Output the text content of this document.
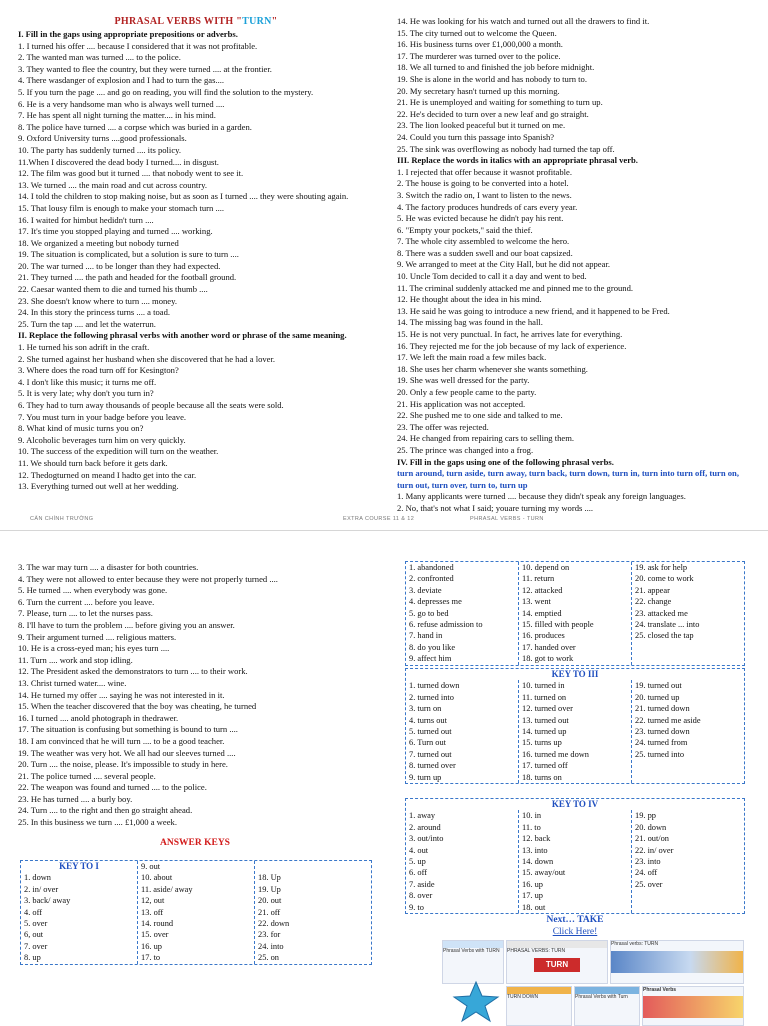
PHRASAL VERBS WITH "TURN"
I. Fill in the gaps using appropriate prepositions or adverbs.
1. I turned his offer .... because I considered that it was not profitable.
2. The wanted man was turned .... to the police.
3. They wanted to flee the country, but they were turned .... at the frontier.
4. There wasdanger of explosion and I had to turn the gas....
5. If you turn the page .... and go on reading, you will find the solution to the mystery.
6. He is a very handsome man who is always well turned ....
7. He has spent all night turning the matter.... in his mind.
8. The police have turned .... a corpse which was buried in a garden.
9. Oxford University turns ....good professionals.
10. The party has suddenly turned .... its policy.
11.When I discovered the dead body I turned.... in disgust.
12. The film was good but it turned .... that nobody went to see it.
13. We turned .... the main road and cut across country.
14. I told the children to stop making noise, but as soon as I turned .... they were shouting again.
15. That lousy film is enough to make your stomach turn ....
16. I waited for himbut hedidn't turn ....
17. It's time you stopped playing and turned .... working.
18. We organized a meeting but nobody turned
19. The situation is complicated, but a solution is sure to turn ....
20. The war turned .... to be longer than they had expected.
21. They turned .... the path and headed for the football ground.
22. Caesar wanted them to die and turned his thumb ....
23. She doesn't know where to turn .... money.
24. In this story the princess turns .... a toad.
25. Turn the tap .... and let the waterrun.
II. Replace the following phrasal verbs with another word or phrase of the same meaning.
1. He turned his son adrift in the craft.
2. She turned against her husband when she discovered that he had a lover.
3. Where does the road turn off for Kesington?
4. I don't like this music; it turns me off.
5. It is very late; why don't you turn in?
6. They had to turn away thousands of people because all the seats were sold.
7. You must turn in your badge before you leave.
8. What kind of music turns you on?
9. Alcoholic beverages turn him on very quickly.
10. The success of the expedition will turn on the weather.
11. We should turn back before it gets dark.
12. Thedogturned on meand I hadto get into the car.
13. Everything turned out well at her wedding.
14. He was looking for his watch and turned out all the drawers to find it.
15. The city turned out to welcome the Queen.
16. His business turns over £1,000,000 a month.
17. The murderer was turned over to the police.
18. We all turned to and finished the job before midnight.
19. She is alone in the world and has nobody to turn to.
20. My secretary hasn't turned up this morning.
21. He is unemployed and waiting for something to turn up.
22. He's decided to turn over a new leaf and go straight.
23. The lion looked peaceful but it turned on me.
24. Could you turn this passage into Spanish?
25. The sink was overflowing as nobody had turned the tap off.
III. Replace the words in italics with an appropriate phrasal verb.
1. I rejected that offer because it wasnot profitable.
2. The house is going to be converted into a hotel.
3. Switch the radio on, I want to listen to the news.
4. The factory produces hundreds of cars every year.
5. He was evicted because he didn't pay his rent.
6. "Empty your pockets," said the thief.
7. The whole city assembled to welcome the hero.
8. There was a sudden swell and our boat capsized.
9. We arranged to meet at the City Hall, but he did not appear.
10. Uncle Tom decided to call it a day and went to bed.
11. The criminal suddenly attacked me and pinned me to the ground.
12. He thought about the idea in his mind.
13. He said he was going to introduce a new friend, and it happened to be Fred.
14. The missing bag was found in the hall.
15. He is not very punctual. In fact, he arrives late for everything.
16. They rejected me for the job because of my lack of experience.
17. We left the main road a few miles back.
18. She uses her charm whenever she wants something.
19. She was well dressed for the party.
20. Only a few people came to the party.
21. His application was not accepted.
22. She pushed me to one side and talked to me.
23. The offer was rejected.
24. He changed from repairing cars to selling them.
25. The prince was changed into a frog.
IV. Fill in the gaps using one of the following phrasal verbs.
turn around, turn aside, turn away, turn back, turn down, turn in, turn into turn off, turn on, turn out, turn over, turn to, turn up
1. Many applicants were turned .... because they didn't speak any foreign languages.
2. No, that's not what I said; youare turning my words ....
CẨN CHÍNH TRƯỜNG	EXTRA COURSE 11 & 12	PHRASAL VERBS - TURN
3. The war may turn .... a disaster for both countries.
4. They were not allowed to enter because they were not properly turned ....
5. He turned .... when everybody was gone.
6. Turn the current .... before you leave.
7. Please, turn .... to let the nurses pass.
8. I'll have to turn the problem .... before giving you an answer.
9. Their argument turned .... religious matters.
10. He is a cross-eyed man; his eyes turn ....
11. Turn .... work and stop idling.
12. The President asked the demonstrators to turn .... to their work.
13. Christ turned water.... wine.
14. He turned my offer .... saying he was not interested in it.
15. When the teacher discovered that the boy was cheating, he turned
16. I turned .... anold photograph in thedrawer.
17. The situation is confusing but something is bound to turn ....
18. I am convinced that he will turn .... to be a good teacher.
19. The weather was very hot. We all had our sleeves turned ....
20. Turn .... the noise, please. It's impossible to study in here.
21. The police turned .... several people.
22. The weapon was found and turned .... to the police.
23. He has turned .... a burly boy.
24. Turn .... to the right and then go straight ahead.
25. In this business we turn .... £1,000 a week.
ANSWER KEYS
KEY TO I
1. down
2. in/ over
3. back/ away
4. off
5. over
6, out
7. over
8. up
9. out
10. about
11. aside/ away
12, out
13. off
14. round
15. over
16. up
17. to

18. Up
19. Up
20. out
21. off
22. down
23. for
24. into
25. on
1. abandoned
2. confronted
3. deviate
4. depresses me
5. go to bed
6. refuse admission to
7. hand in
8. do you like
9. affect him
10. depend on
11. return
12. attacked
13. went
14. emptied
15. filled with people
16. produces
17. handed over
18. got to work
19. ask for help
20. come to work
21. appear
22. change
23. attacked me
24. translate ... into
25. closed the tap
KEY TO III
1. turned down
2. turned into
3. turn on
4. turns out
5. turned out
6. Turn out
7. turned out
8. turned over
9. turn up
10. turned in
11. turned on
12. turned over
13. turned out
14. turned up
15. turns up
16. turned me down
17. turned off
18. turns on
19. turned out
20. turned up
21. turned down
22. turned me aside
23. turned down
24. turned from
25. turned into
KEY TO IV
1. away
2. around
3. out/into
4. out
5. up
6. off
7. aside
8. over
9. to
10. in
11. to
12. back
13. into
14. down
15. away/out
16. up
17. up
18. out
19. pp
20. down
21. out/on
22. in/ over
23. into
24. off
25. over
Next… TAKE
Click Here!
Phrasal Verbs with TURN	PHRASAL VERBS: TURN
TURN
Phrasal verbs: TURN
TURN DOWN	Phrasal Verbs with Turn
Phrasal Verbs
